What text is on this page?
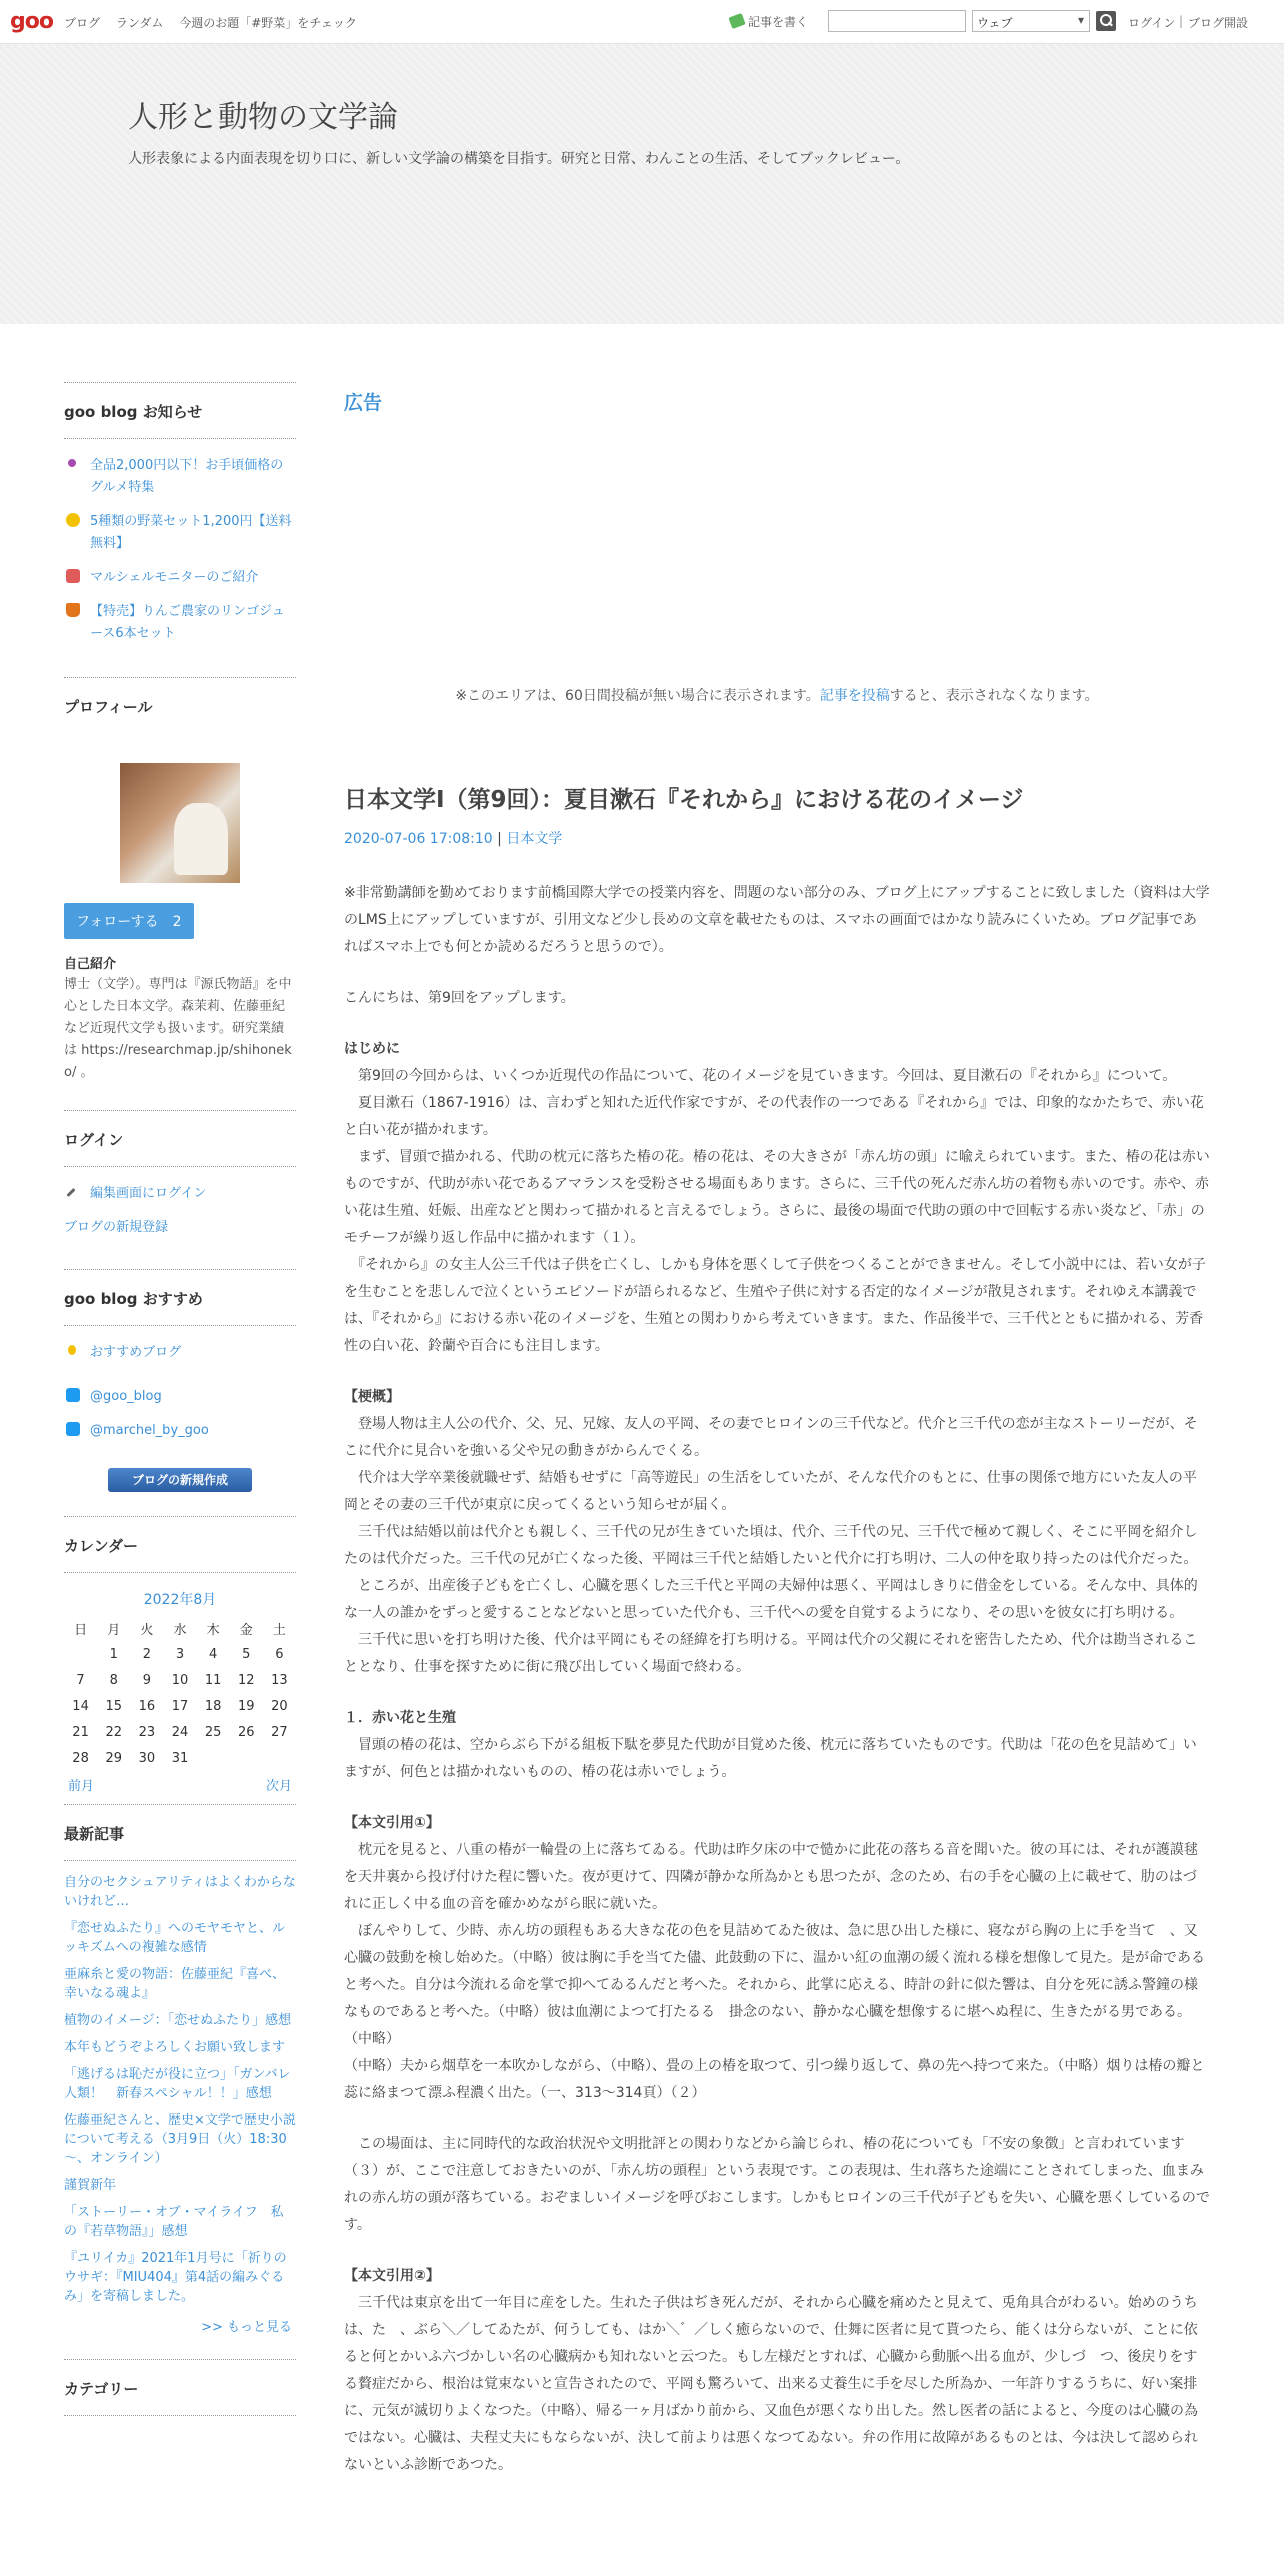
goo ブログ ランダム 今週のお題「#野菜」をチェック	記事を書く	ウェブ ▾	ログイン | ブログ開設
人形と動物の文学論
人形表象による内面表現を切り口に、新しい文学論の構築を目指す。研究と日常、わんことの生活、そしてブックレビュー。
goo blog お知らせ
全品2,000円以下！お手頃価格のグルメ特集
5種類の野菜セット1,200円【送料無料】
マルシェルモニターのご紹介
【特売】りんご農家のリンゴジュース6本セット
プロフィール
フォローする　2
自己紹介
博士（文学）。専門は『源氏物語』を中心とした日本文学。森茉莉、佐藤亜紀など近現代文学も扱います。研究業績は https://researchmap.jp/shihoneko/ 。
ログイン
編集画面にログイン
ブログの新規登録
goo blog おすすめ
おすすめブログ
@goo_blog
@marchel_by_goo
ブログの新規作成
カレンダー
2022年8月
日	月	火	水	木	金	土
	1	2	3	4	5	6
7	8	9	10	11	12	13
14	15	16	17	18	19	20
21	22	23	24	25	26	27
28	29	30	31			
前月	次月
最新記事
自分のセクシュアリティはよくわからないけれど…
『恋せぬふたり』へのモヤモヤと、ルッキズムへの複雑な感情
亜麻糸と愛の物語：佐藤亜紀『喜べ、幸いなる魂よ』
植物のイメージ：「恋せぬふたり」感想
本年もどうぞよろしくお願い致します
「逃げるは恥だが役に立つ」「ガンバレ人類！　新春スペシャル！！」感想
佐藤亜紀さんと、歴史×文学で歴史小説について考える（3月9日（火）18:30～、オンライン）
謹賀新年
「ストーリー・オブ・マイライフ　私の『若草物語』」感想
『ユリイカ』2021年1月号に「祈りのウサギ：『MIU404』第4話の編みぐるみ」を寄稿しました。
>> もっと見る
カテゴリー
広告
※このエリアは、60日間投稿が無い場合に表示されます。記事を投稿すると、表示されなくなります。
日本文学Ⅰ（第9回）：夏目漱石『それから』における花のイメージ
2020-07-06 17:08:10 | 日本文学

※非常勤講師を勤めております前橋国際大学での授業内容を、問題のない部分のみ、ブログ上にアップすることに致しました（資料は大学のLMS上にアップしていますが、引用文など少し長めの文章を載せたものは、スマホの画面ではかなり読みにくいため。ブログ記事であればスマホ上でも何とか読めるだろうと思うので）。

こんにちは、第9回をアップします。

はじめに

　第9回の今回からは、いくつか近現代の作品について、花のイメージを見ていきます。今回は、夏目漱石の『それから』について。

　夏目漱石（1867-1916）は、言わずと知れた近代作家ですが、その代表作の一つである『それから』では、印象的なかたちで、赤い花と白い花が描かれます。

　まず、冒頭で描かれる、代助の枕元に落ちた椿の花。椿の花は、その大きさが「赤ん坊の頭」に喩えられています。また、椿の花は赤いものですが、代助が赤い花であるアマランスを受粉させる場面もあります。さらに、三千代の死んだ赤ん坊の着物も赤いのです。赤や、赤い花は生殖、妊娠、出産などと関わって描かれると言えるでしょう。さらに、最後の場面で代助の頭の中で回転する赤い炎など、「赤」のモチーフが繰り返し作品中に描かれます（１）。

　『それから』の女主人公三千代は子供を亡くし、しかも身体を悪くして子供をつくることができません。そして小説中には、若い女が子を生むことを悲しんで泣くというエピソードが語られるなど、生殖や子供に対する否定的なイメージが散見されます。それゆえ本講義では、『それから』における赤い花のイメージを、生殖との関わりから考えていきます。また、作品後半で、三千代とともに描かれる、芳香性の白い花、鈴蘭や百合にも注目します。

【梗概】

　登場人物は主人公の代介、父、兄、兄嫁、友人の平岡、その妻でヒロインの三千代など。代介と三千代の恋が主なストーリーだが、そこに代介に見合いを強いる父や兄の動きがからんでくる。

　代介は大学卒業後就職せず、結婚もせずに「高等遊民」の生活をしていたが、そんな代介のもとに、仕事の関係で地方にいた友人の平岡とその妻の三千代が東京に戻ってくるという知らせが届く。

　三千代は結婚以前は代介とも親しく、三千代の兄が生きていた頃は、代介、三千代の兄、三千代で極めて親しく、そこに平岡を紹介したのは代介だった。三千代の兄が亡くなった後、平岡は三千代と結婚したいと代介に打ち明け、二人の仲を取り持ったのは代介だった。

　ところが、出産後子どもを亡くし、心臓を悪くした三千代と平岡の夫婦仲は悪く、平岡はしきりに借金をしている。そんな中、具体的な一人の誰かをずっと愛することなどないと思っていた代介も、三千代への愛を自覚するようになり、その思いを彼女に打ち明ける。

　三千代に思いを打ち明けた後、代介は平岡にもその経緯を打ち明ける。平岡は代介の父親にそれを密告したため、代介は勘当されることとなり、仕事を探すために街に飛び出していく場面で終わる。

１．赤い花と生殖

　冒頭の椿の花は、空からぶら下がる組板下駄を夢見た代助が目覚めた後、枕元に落ちていたものです。代助は「花の色を見詰めて」いますが、何色とは描かれないものの、椿の花は赤いでしょう。

【本文引用①】

　枕元を見ると、八重の椿が一輪畳の上に落ちてゐる。代助は昨夕床の中で慥かに此花の落ちる音を聞いた。彼の耳には、それが護謨毬を天井裏から投げ付けた程に響いた。夜が更けて、四隣が静かな所為かとも思つたが、念のため、右の手を心臓の上に載せて、肋のはづれに正しく中る血の音を確かめながら眠に就いた。

　ぼんやりして、少時、赤ん坊の頭程もある大きな花の色を見詰めてゐた彼は、急に思ひ出した様に、寝ながら胸の上に手を当て　、又心臓の鼓動を検し始めた。（中略）彼は胸に手を当てた儘、此鼓動の下に、温かい紅の血潮の緩く流れる様を想像して見た。是が命であると考へた。自分は今流れる命を掌で抑へてゐるんだと考へた。それから、此掌に応える、時計の針に似た響は、自分を死に誘ふ警鐘の様なものであると考へた。（中略）彼は血潮によつて打たるる　掛念のない、静かな心臓を想像するに堪へぬ程に、生きたがる男である。（中略）

（中略）夫から烟草を一本吹かしながら、（中略）、畳の上の椿を取つて、引つ繰り返して、鼻の先へ持つて来た。（中略）烟りは椿の瓣と蕊に絡まつて漂ふ程濃く出た。（一、313～314頁）（２）

　この場面は、主に同時代的な政治状況や文明批評との関わりなどから論じられ、椿の花についても「不安の象徴」と言われています（３）が、ここで注意しておきたいのが、「赤ん坊の頭程」という表現です。この表現は、生れ落ちた途端にことされてしまった、血まみれの赤ん坊の頭が落ちている。おぞましいイメージを呼びおこします。しかもヒロインの三千代が子どもを失い、心臓を悪くしているのです。

【本文引用②】

　三千代は東京を出て一年目に産をした。生れた子供はぢき死んだが、それから心臓を痛めたと見えて、兎角具合がわるい。始めのうちは、た　、ぶら＼／してゐたが、何うしても、はか＼゛／しく癒らないので、仕舞に医者に見て貰つたら、能くは分らないが、ことに依ると何とかいふ六づかしい名の心臓病かも知れないと云つた。もし左様だとすれば、心臓から動脈へ出る血が、少しづ　つ、後戻りをする贅症だから、根治は覚束ないと宣告されたので、平岡も驚ろいて、出来る丈養生に手を尽した所為か、一年許りするうちに、好い案排に、元気が滅切りよくなつた。（中略）、帰る一ヶ月ばかり前から、又血色が悪くなり出した。然し医者の話によると、今度のは心臓の為ではない。心臓は、夫程丈夫にもならないが、決して前よりは悪くなつてゐない。弁の作用に故障があるものとは、今は決して認められないといふ診断であつた。
